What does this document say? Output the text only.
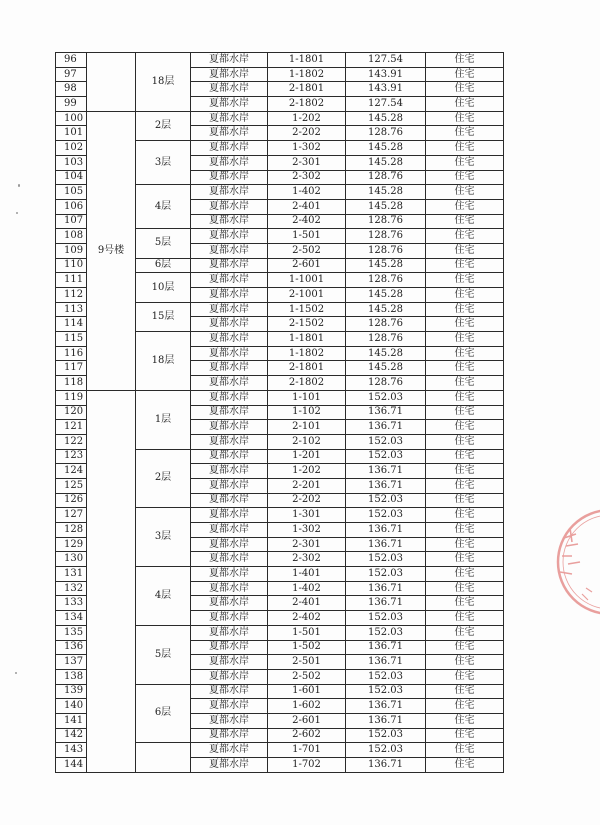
96		18层	夏都水岸	1-1801	127.54	住宅
97			夏都水岸	1-1802	143.91	住宅
98			夏都水岸	2-1801	143.91	住宅
99			夏都水岸	2-1802	127.54	住宅
100	9号楼	2层	夏都水岸	1-202	145.28	住宅
101			夏都水岸	2-202	128.76	住宅
102		3层	夏都水岸	1-302	145.28	住宅
103			夏都水岸	2-301	145.28	住宅
104			夏都水岸	2-302	128.76	住宅
105		4层	夏都水岸	1-402	145.28	住宅
106			夏都水岸	2-401	145.28	住宅
107			夏都水岸	2-402	128.76	住宅
108		5层	夏都水岸	1-501	128.76	住宅
109			夏都水岸	2-502	128.76	住宅
110		6层	夏都水岸	2-601	145.28	住宅
111		10层	夏都水岸	1-1001	128.76	住宅
112			夏都水岸	2-1001	145.28	住宅
113		15层	夏都水岸	1-1502	145.28	住宅
114			夏都水岸	2-1502	128.76	住宅
115		18层	夏都水岸	1-1801	128.76	住宅
116			夏都水岸	1-1802	145.28	住宅
117			夏都水岸	2-1801	145.28	住宅
118			夏都水岸	2-1802	128.76	住宅
119		1层	夏都水岸	1-101	152.03	住宅
120			夏都水岸	1-102	136.71	住宅
121			夏都水岸	2-101	136.71	住宅
122			夏都水岸	2-102	152.03	住宅
123		2层	夏都水岸	1-201	152.03	住宅
124			夏都水岸	1-202	136.71	住宅
125			夏都水岸	2-201	136.71	住宅
126			夏都水岸	2-202	152.03	住宅
127		3层	夏都水岸	1-301	152.03	住宅
128			夏都水岸	1-302	136.71	住宅
129			夏都水岸	2-301	136.71	住宅
130			夏都水岸	2-302	152.03	住宅
131		4层	夏都水岸	1-401	152.03	住宅
132			夏都水岸	1-402	136.71	住宅
133			夏都水岸	2-401	136.71	住宅
134			夏都水岸	2-402	152.03	住宅
135		5层	夏都水岸	1-501	152.03	住宅
136			夏都水岸	1-502	136.71	住宅
137			夏都水岸	2-501	136.71	住宅
138			夏都水岸	2-502	152.03	住宅
139		6层	夏都水岸	1-601	152.03	住宅
140			夏都水岸	1-602	136.71	住宅
141			夏都水岸	2-601	136.71	住宅
142			夏都水岸	2-602	152.03	住宅
143			夏都水岸	1-701	152.03	住宅
144			夏都水岸	1-702	136.71	住宅
